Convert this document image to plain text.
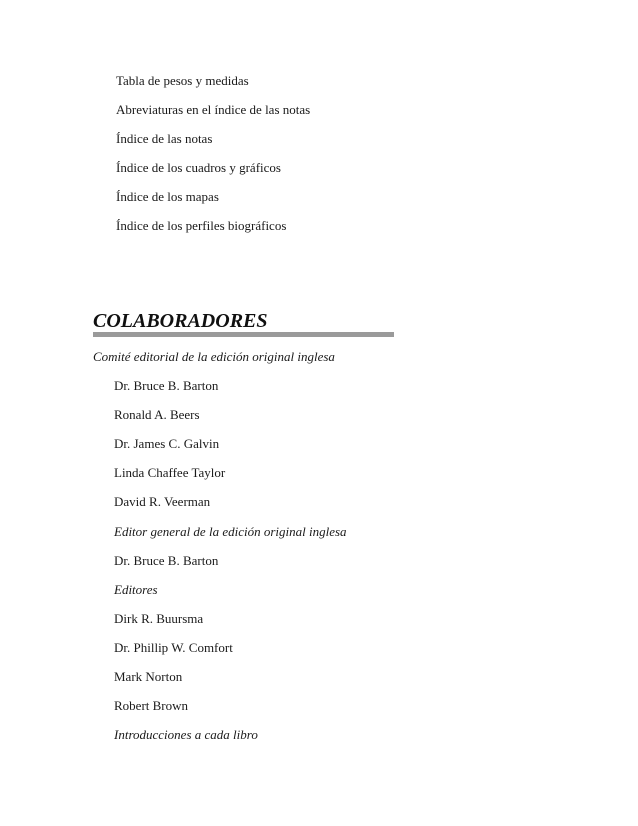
Tabla de pesos y medidas
Abreviaturas en el índice de las notas
Índice de las notas
Índice de los cuadros y gráficos
Índice de los mapas
Índice de los perfiles biográficos
COLABORADORES
Comité editorial de la edición original inglesa
Dr. Bruce B. Barton
Ronald A. Beers
Dr. James C. Galvin
Linda Chaffee Taylor
David R. Veerman
Editor general de la edición original inglesa
Dr. Bruce B. Barton
Editores
Dirk R. Buursma
Dr. Phillip W. Comfort
Mark Norton
Robert Brown
Introducciones a cada libro
